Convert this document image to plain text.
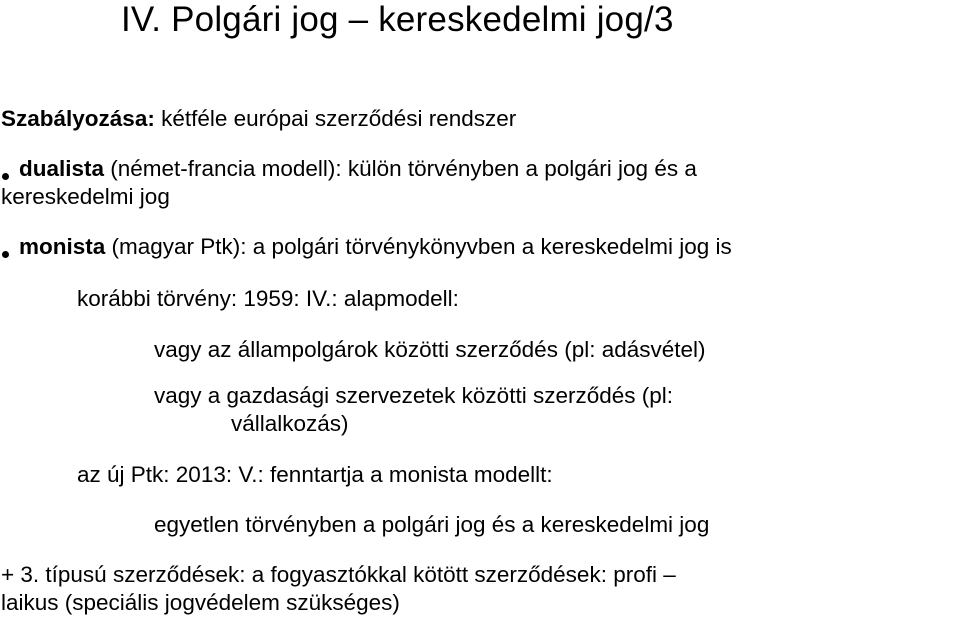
IV. Polgári jog – kereskedelmi jog/3
Szabályozása: kétféle európai szerződési rendszer
dualista (német-francia modell): külön törvényben a polgári jog és a
kereskedelmi jog
monista (magyar Ptk): a polgári törvénykönyvben a kereskedelmi jog is
korábbi törvény: 1959: IV.: alapmodell:
vagy az állampolgárok közötti szerződés (pl: adásvétel)
vagy a gazdasági szervezetek közötti szerződés (pl:
vállalkozás)
az új Ptk: 2013: V.: fenntartja a monista modellt:
egyetlen törvényben a polgári jog és a kereskedelmi jog
+ 3. típusú szerződések: a fogyasztókkal kötött szerződések: profi –
laikus (speciális jogvédelem szükséges)
